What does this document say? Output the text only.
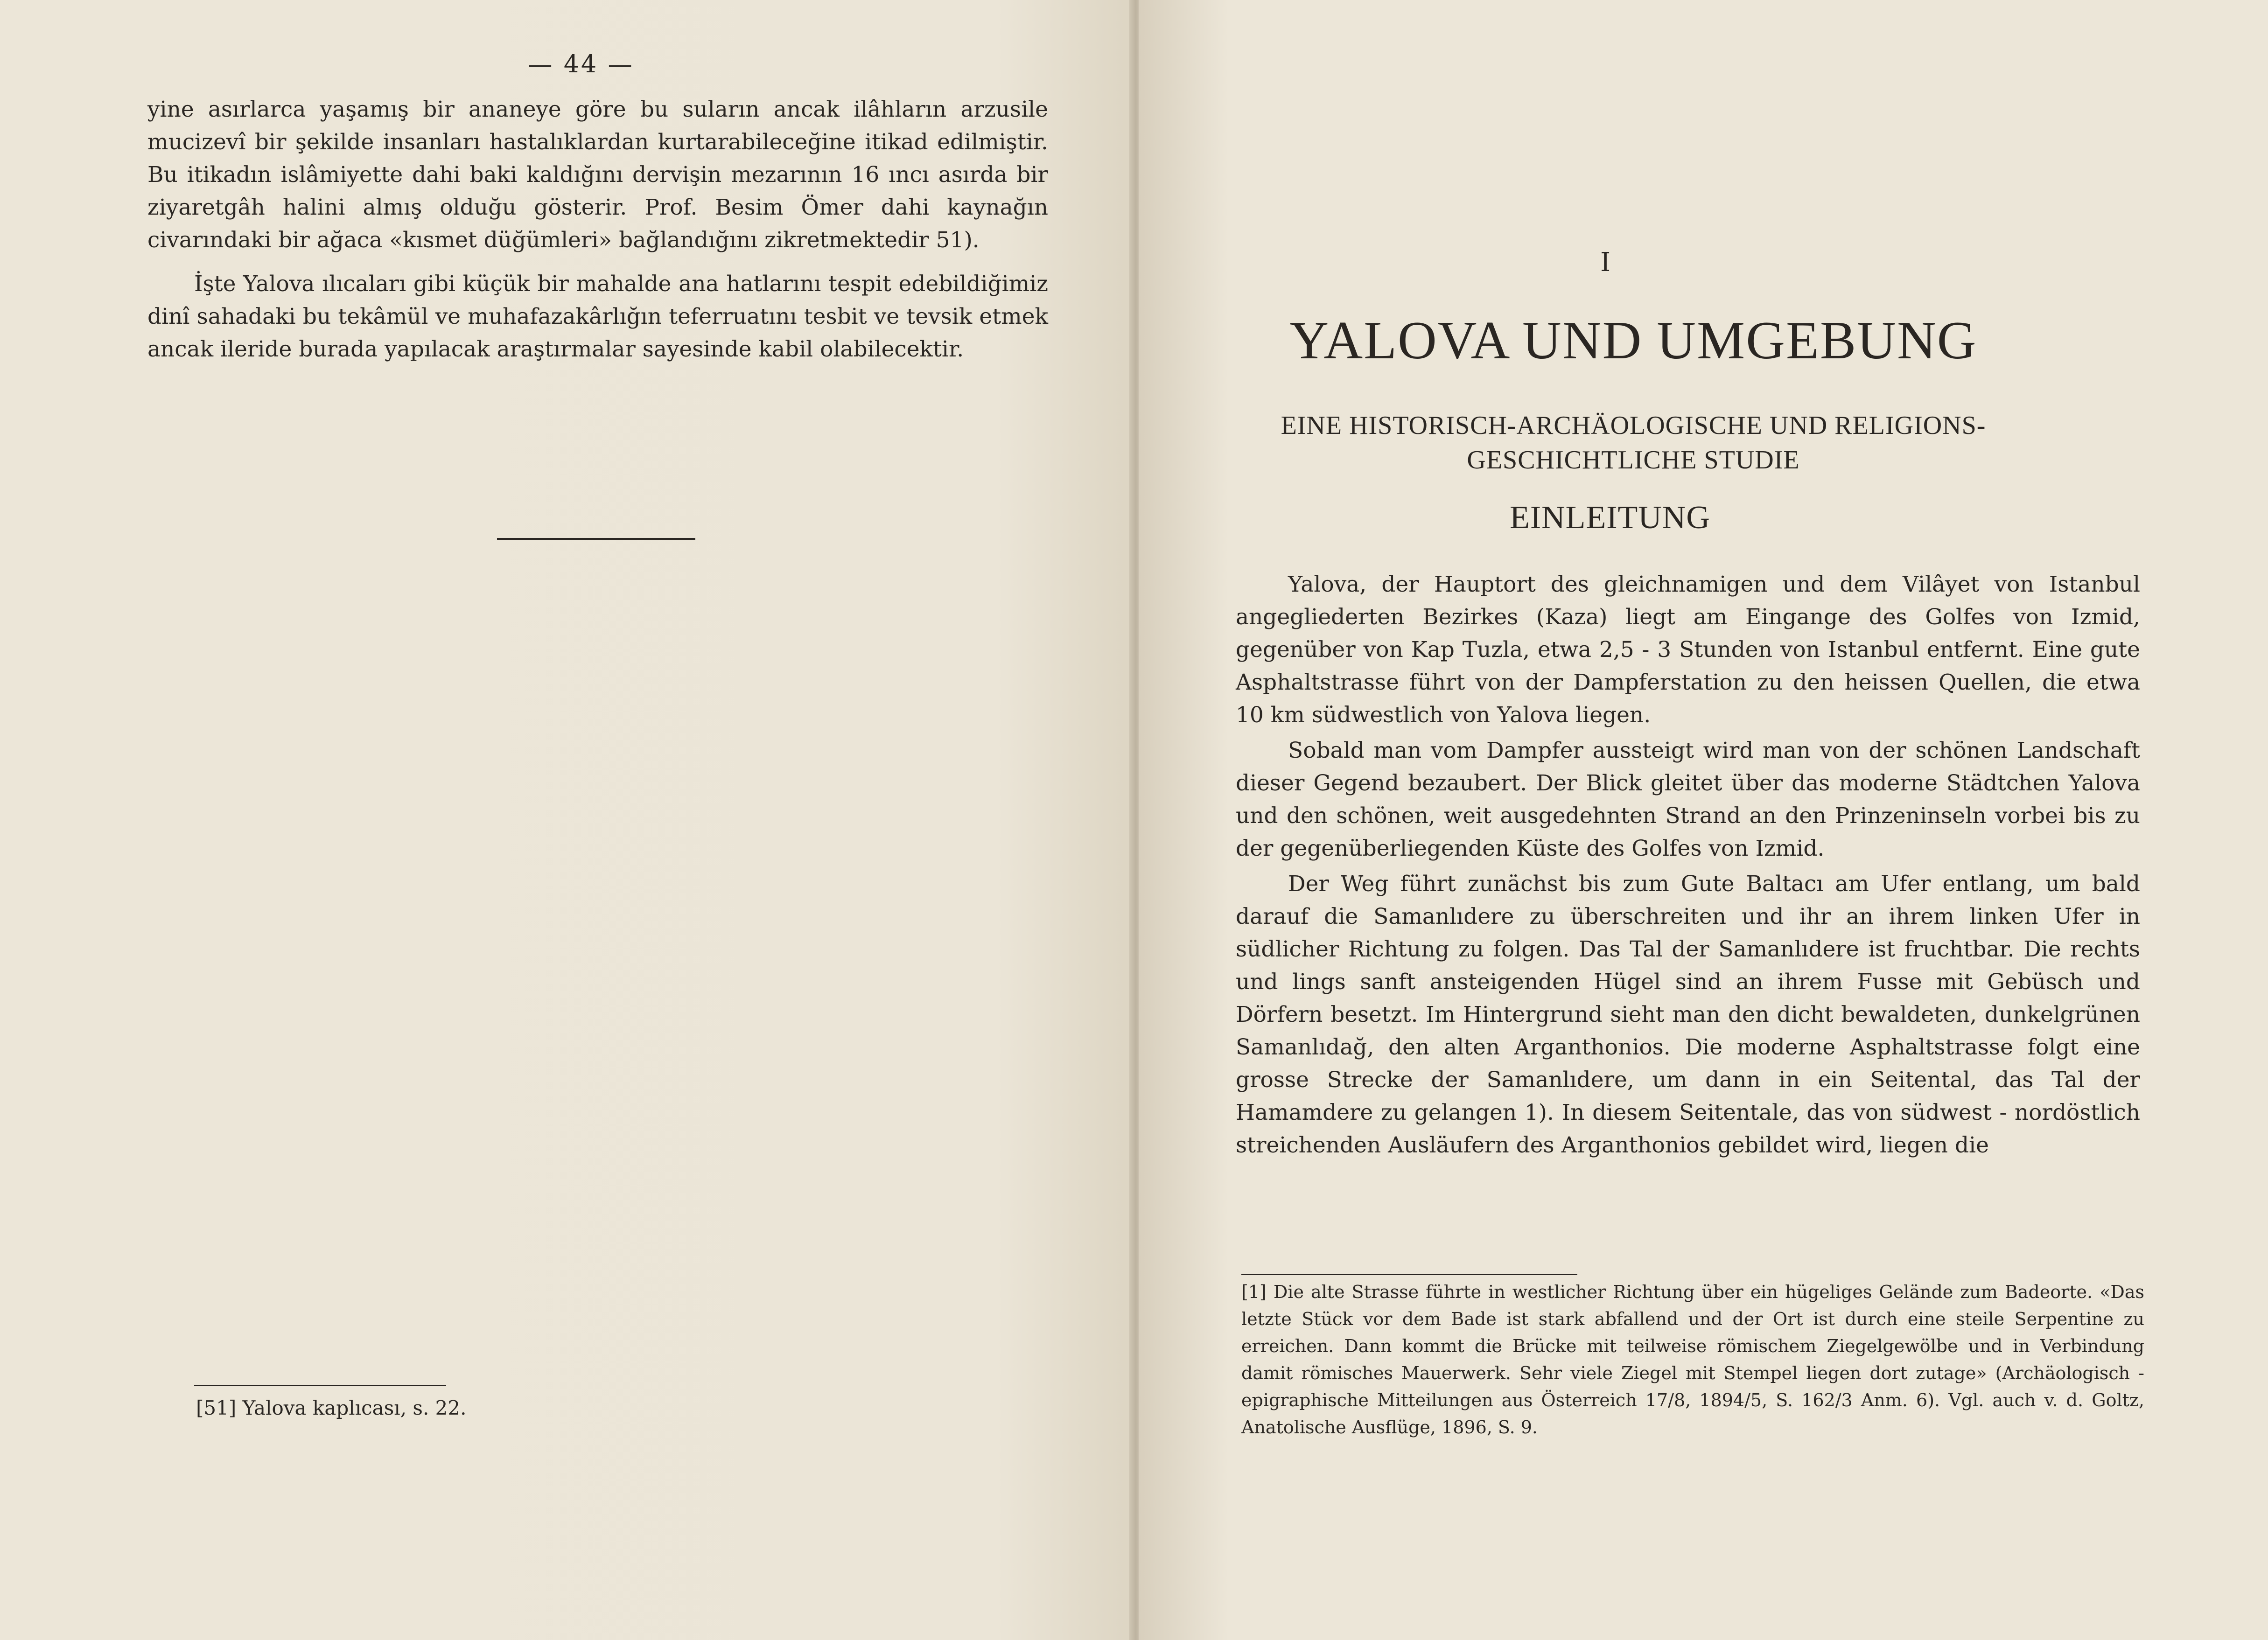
— 44 —

yine asırlarca yaşamış bir ananeye göre bu suların ancak ilâhların arzusile mucizevî bir şekilde insanları hastalıklardan kurtarabileceğine itikad edilmiştir. Bu itikadın islâmiyette dahi baki kaldığını dervişin mezarının 16 ıncı asırda bir ziyaretgâh halini almış olduğu gösterir. Prof. Besim Ömer dahi kaynağın civarındaki bir ağaca «kısmet düğümleri» bağlandığını zikretmektedir 51).

İşte Yalova ılıcaları gibi küçük bir mahalde ana hatlarını tespit edebildiğimiz dinî sahadaki bu tekâmül ve muhafazakârlığın teferruatını tesbit ve tevsik etmek ancak ileride burada yapılacak araştırmalar sayesinde kabil olabilecektir.

[51] Yalova kaplıcası, s. 22.
I
YALOVA UND UMGEBUNG
EINE HISTORISCH-ARCHÄOLOGISCHE UND RELIGIONS-
GESCHICHTLICHE STUDIE
EINLEITUNG

Yalova, der Hauptort des gleichnamigen und dem Vilâyet von Istanbul angegliederten Bezirkes (Kaza) liegt am Eingange des Golfes von Izmid, gegenüber von Kap Tuzla, etwa 2,5 - 3 Stunden von Istanbul entfernt. Eine gute Asphaltstrasse führt von der Dampferstation zu den heissen Quellen, die etwa 10 km südwestlich von Yalova liegen.

Sobald man vom Dampfer aussteigt wird man von der schönen Landschaft dieser Gegend bezaubert. Der Blick gleitet über das moderne Städtchen Yalova und den schönen, weit ausgedehnten Strand an den Prinzeninseln vorbei bis zu der gegenüberliegenden Küste des Golfes von Izmid.

Der Weg führt zunächst bis zum Gute Baltacı am Ufer entlang, um bald darauf die Samanlıdere zu überschreiten und ihr an ihrem linken Ufer in südlicher Richtung zu folgen. Das Tal der Samanlıdere ist fruchtbar. Die rechts und lings sanft ansteigenden Hügel sind an ihrem Fusse mit Gebüsch und Dörfern besetzt. Im Hintergrund sieht man den dicht bewaldeten, dunkelgrünen Samanlıdağ, den alten Arganthonios. Die moderne Asphaltstrasse folgt eine grosse Strecke der Samanlıdere, um dann in ein Seitental, das Tal der Hamamdere zu gelangen 1). In diesem Seitentale, das von südwest - nordöstlich streichenden Ausläufern des Arganthonios gebildet wird, liegen die

[1] Die alte Strasse führte in westlicher Richtung über ein hügeliges Gelände zum Badeorte. «Das letzte Stück vor dem Bade ist stark abfallend und der Ort ist durch eine steile Serpentine zu erreichen. Dann kommt die Brücke mit teilweise römischem Ziegelgewölbe und in Verbindung damit römisches Mauerwerk. Sehr viele Ziegel mit Stempel liegen dort zutage» (Archäologisch - epigraphische Mitteilungen aus Österreich 17/8, 1894/5, S. 162/3 Anm. 6). Vgl. auch v. d. Goltz, Anatolische Ausflüge, 1896, S. 9.
